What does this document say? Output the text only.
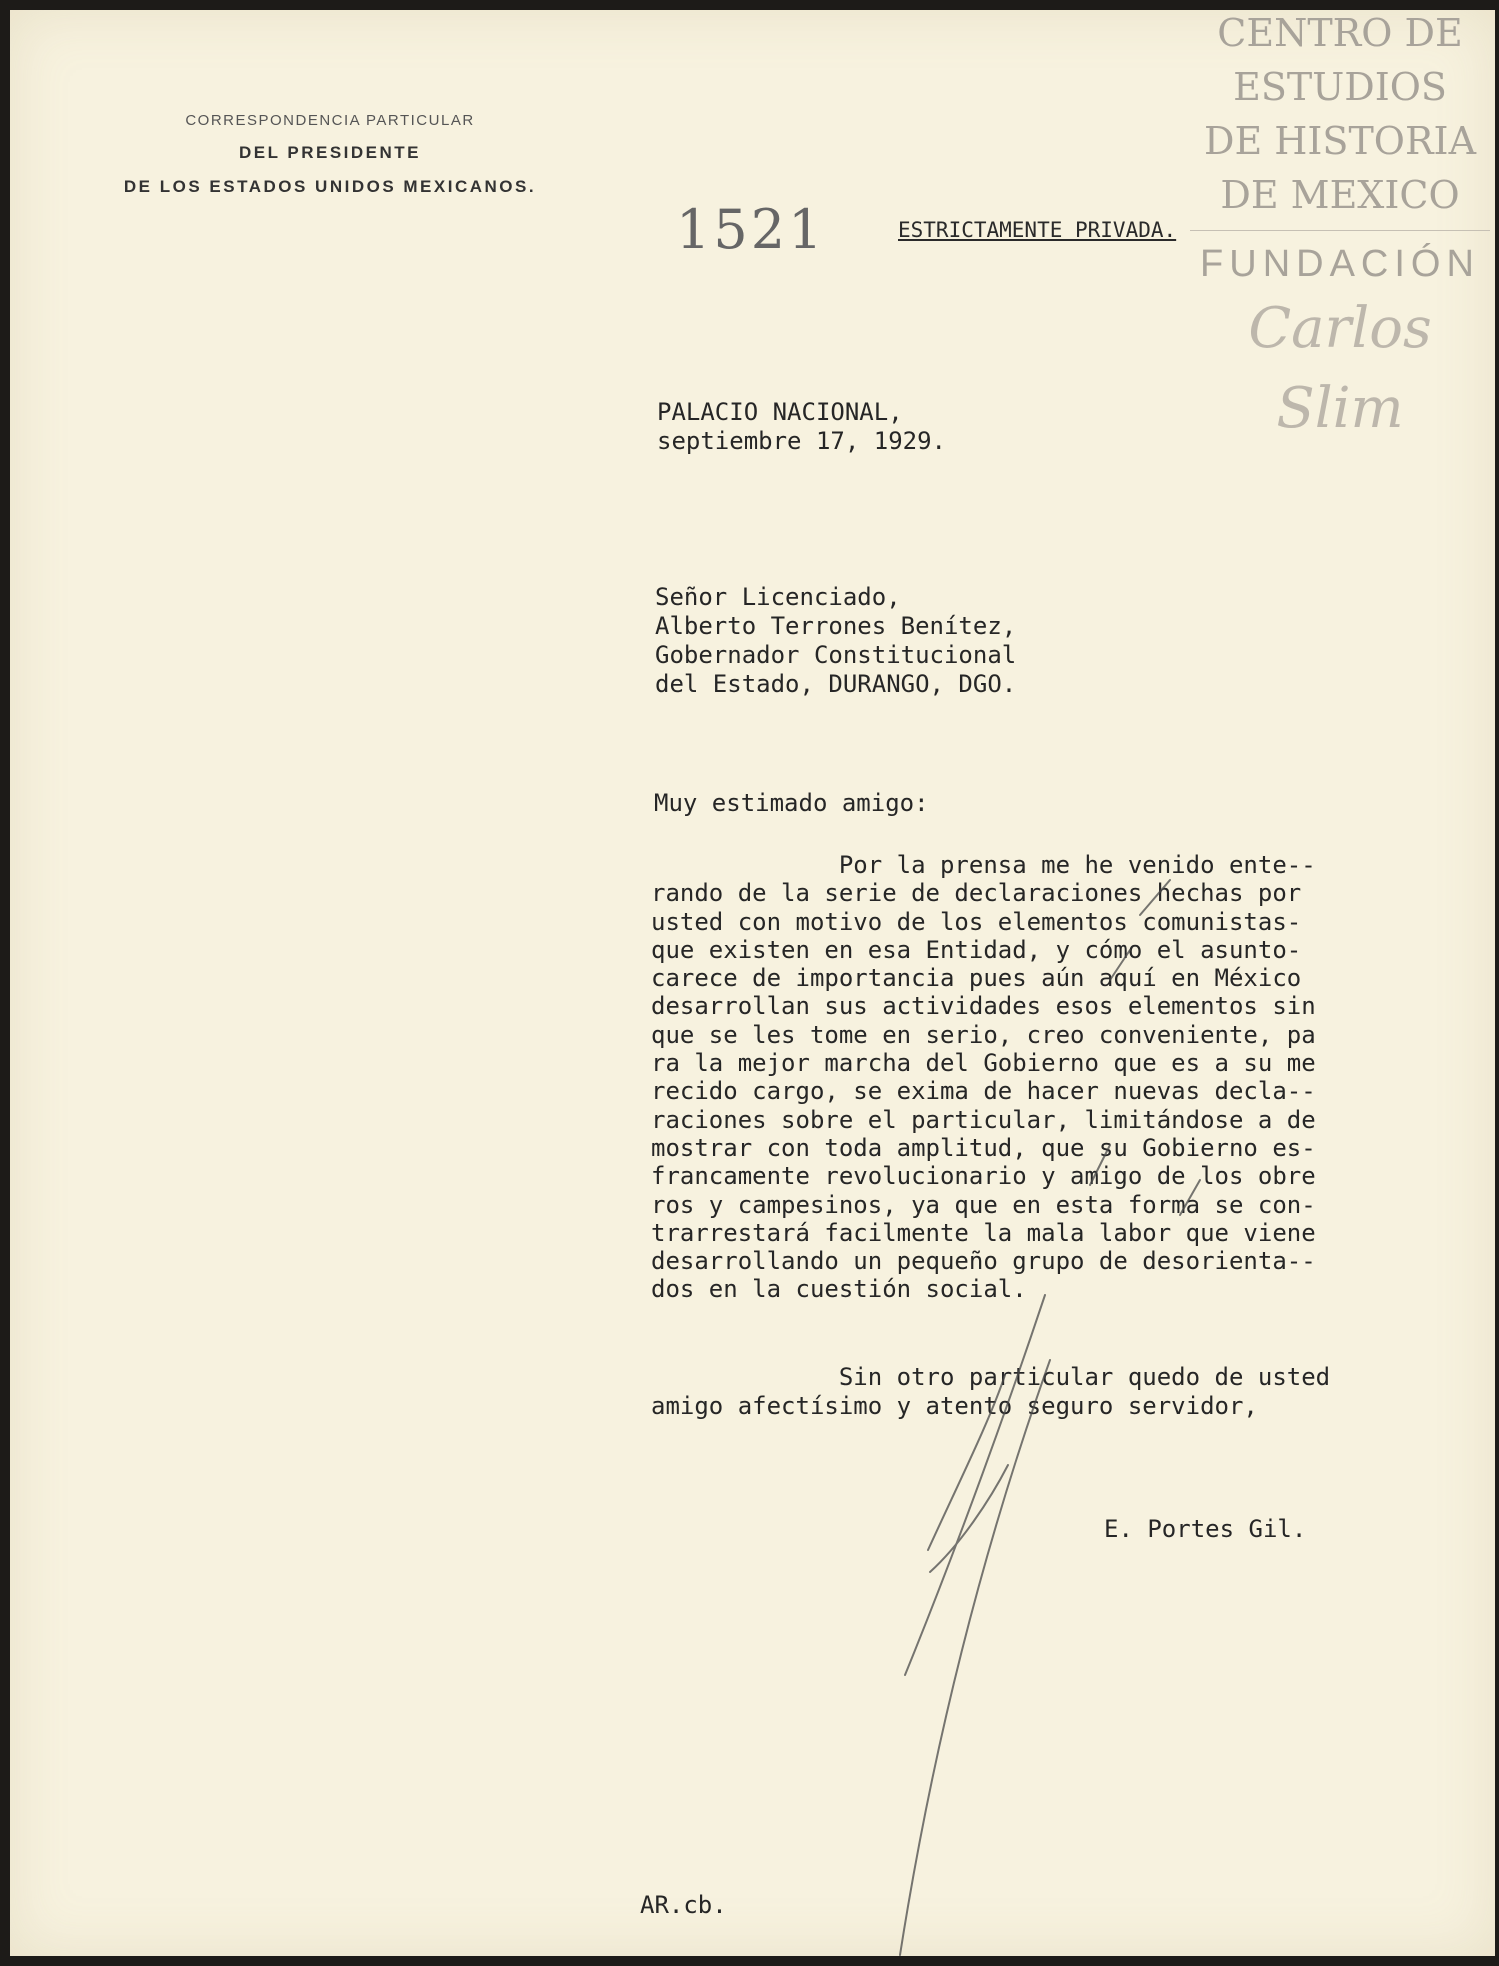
CORRESPONDENCIA PARTICULAR
DEL PRESIDENTE
DE LOS ESTADOS UNIDOS MEXICANOS.
1521	ESTRICTAMENTE PRIVADA.
CENTRO DE
ESTUDIOS
DE HISTORIA
DE MEXICO
FUNDACIÓN
Carlos Slim
PALACIO NACIONAL,
septiembre 17, 1929.
Señor Licenciado,
Alberto Terrones Benítez,
Gobernador Constitucional
del Estado, DURANGO, DGO.
Muy estimado amigo:
Por la prensa me he venido ente--
rando de la serie de declaraciones hechas por
usted con motivo de los elementos comunistas-
que existen en esa Entidad, y cómo el asunto-
carece de importancia pues aún aquí en México
desarrollan sus actividades esos elementos sin
que se les tome en serio, creo conveniente, pa
ra la mejor marcha del Gobierno que es a su me
recido cargo, se exima de hacer nuevas decla--
raciones sobre el particular, limitándose a de
mostrar con toda amplitud, que su Gobierno es-
francamente revolucionario y amigo de los obre
ros y campesinos, ya que en esta forma se con-
trarrestará facilmente la mala labor que viene
desarrollando un pequeño grupo de desorienta--
dos en la cuestión social.
Sin otro particular quedo de usted
amigo afectísimo y atento seguro servidor,
E. Portes Gil.
AR.cb.
